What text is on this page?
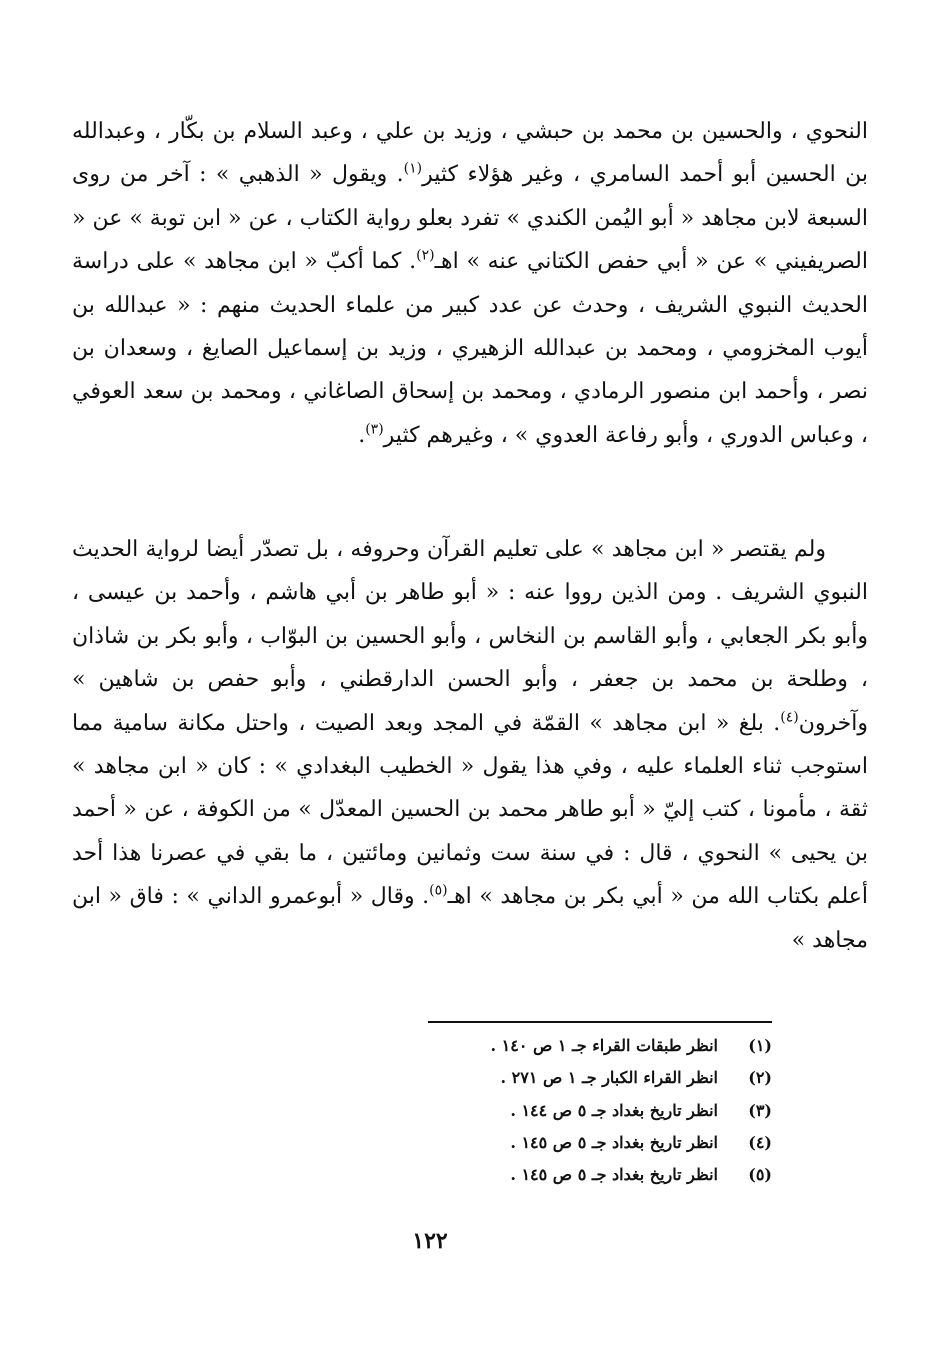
النحوي ، والحسين بن محمد بن حبشي ، وزيد بن علي ، وعبد السلام بن بكّار ، وعبدالله بن الحسين أبو أحمد السامري ، وغير هؤلاء كثير$^{(١)}$. ويقول « الذهبي » : آخر من روى السبعة لابن مجاهد « أبو اليُمن الكندي » تفرد بعلو رواية الكتاب ، عن « ابن توبة » عن « الصريفيني » عن « أبي حفص الكتاني عنه » اهـ$^{(٢)}$. كما أكبّ « ابن مجاهد » على دراسة الحديث النبوي الشريف ، وحدث عن عدد كبير من علماء الحديث منهم : « عبدالله بن أيوب المخزومي ، ومحمد بن عبدالله الزهيري ، وزيد بن إسماعيل الصايغ ، وسعدان بن نصر ، وأحمد ابن منصور الرمادي ، ومحمد بن إسحاق الصاغاني ، ومحمد بن سعد العوفي ، وعباس الدوري ، وأبو رفاعة العدوي » ، وغيرهم كثير$^{(٣)}$.

ولم يقتصر « ابن مجاهد » على تعليم القرآن وحروفه ، بل تصدّر أيضا لرواية الحديث النبوي الشريف . ومن الذين رووا عنه : « أبو طاهر بن أبي هاشم ، وأحمد بن عيسى ، وأبو بكر الجعابي ، وأبو القاسم بن النخاس ، وأبو الحسين بن البوّاب ، وأبو بكر بن شاذان ، وطلحة بن محمد بن جعفر ، وأبو الحسن الدارقطني ، وأبو حفص بن شاهين » وآخرون$^{(٤)}$. بلغ « ابن مجاهد » القمّة في المجد وبعد الصيت ، واحتل مكانة سامية مما استوجب ثناء العلماء عليه ، وفي هذا يقول « الخطيب البغدادي » : كان « ابن مجاهد » ثقة ، مأمونا ، كتب إليّ « أبو طاهر محمد بن الحسين المعدّل » من الكوفة ، عن « أحمد بن يحيى » النحوي ، قال : في سنة ست وثمانين ومائتين ، ما بقي في عصرنا هذا أحد أعلم بكتاب الله من « أبي بكر بن مجاهد » اهـ$^{(٥)}$. وقال « أبوعمرو الداني » : فاق « ابن مجاهد »

(١)
انظر طبقات القراء جـ ١ ص ١٤٠ .
(٢)
انظر القراء الكبار جـ ١ ص ٢٧١ .
(٣)
انظر تاريخ بغداد جـ ٥ ص ١٤٤ .
(٤)
انظر تاريخ بغداد جـ ٥ ص ١٤٥ .
(٥)
انظر تاريخ بغداد جـ ٥ ص ١٤٥ .
١٢٢
